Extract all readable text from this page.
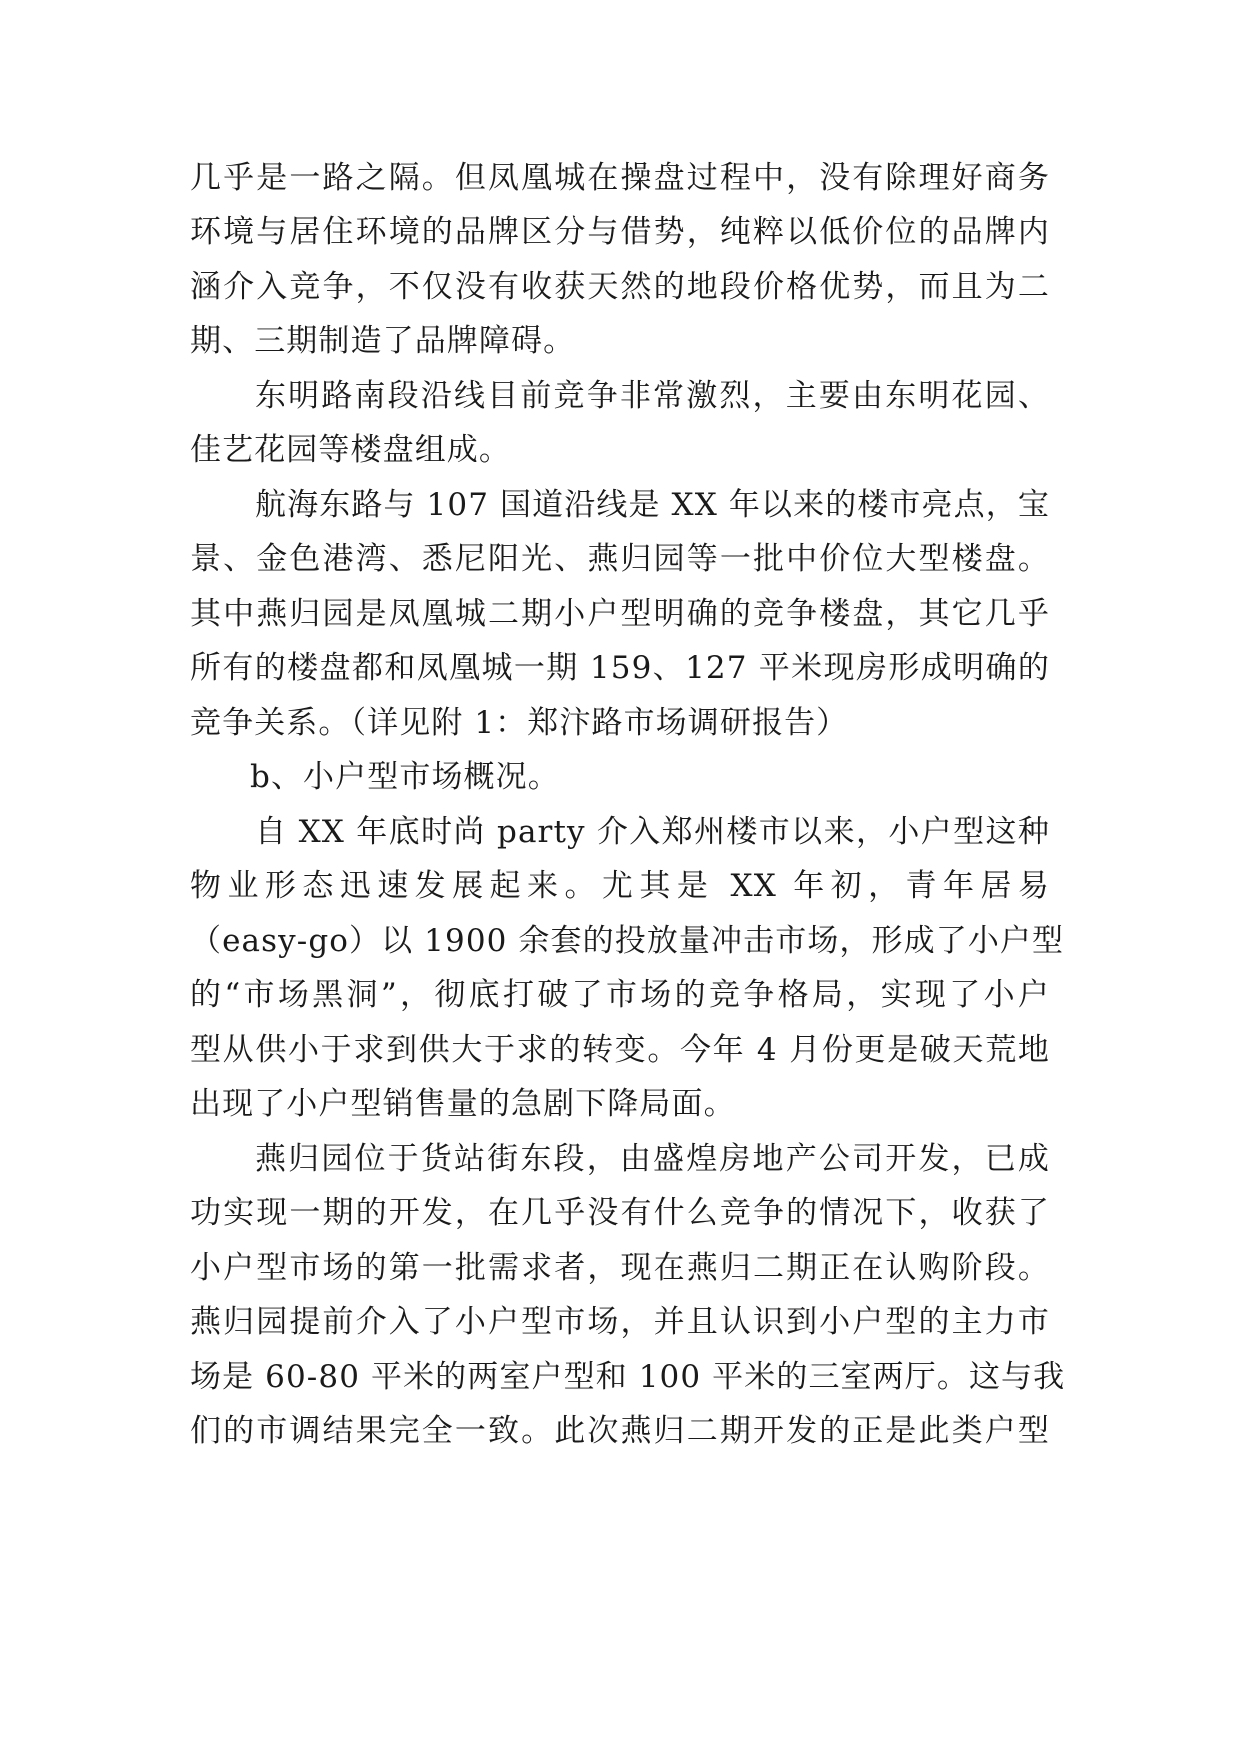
几乎是一路之隔。但凤凰城在操盘过程中，没有除理好商务
环境与居住环境的品牌区分与借势，纯粹以低价位的品牌内
涵介入竞争，不仅没有收获天然的地段价格优势，而且为二
期、三期制造了品牌障碍。
东明路南段沿线目前竞争非常激烈，主要由东明花园、
佳艺花园等楼盘组成。
航海东路与 107 国道沿线是 XX 年以来的楼市亮点，宝
景、金色港湾、悉尼阳光、燕归园等一批中价位大型楼盘。
其中燕归园是凤凰城二期小户型明确的竞争楼盘，其它几乎
所有的楼盘都和凤凰城一期 159、127 平米现房形成明确的
竞争关系。（详见附 1：郑汴路市场调研报告）
b、小户型市场概况。
自 XX 年底时尚 party 介入郑州楼市以来，小户型这种
物业形态迅速发展起来。尤其是 XX 年初，青年居易
（easy-go）以 1900 余套的投放量冲击市场，形成了小户型
的“市场黑洞”，彻底打破了市场的竞争格局，实现了小户
型从供小于求到供大于求的转变。今年 4 月份更是破天荒地
出现了小户型销售量的急剧下降局面。
燕归园位于货站街东段，由盛煌房地产公司开发，已成
功实现一期的开发，在几乎没有什么竞争的情况下，收获了
小户型市场的第一批需求者，现在燕归二期正在认购阶段。
燕归园提前介入了小户型市场，并且认识到小户型的主力市
场是 60-80 平米的两室户型和 100 平米的三室两厅。这与我
们的市调结果完全一致。此次燕归二期开发的正是此类户型
